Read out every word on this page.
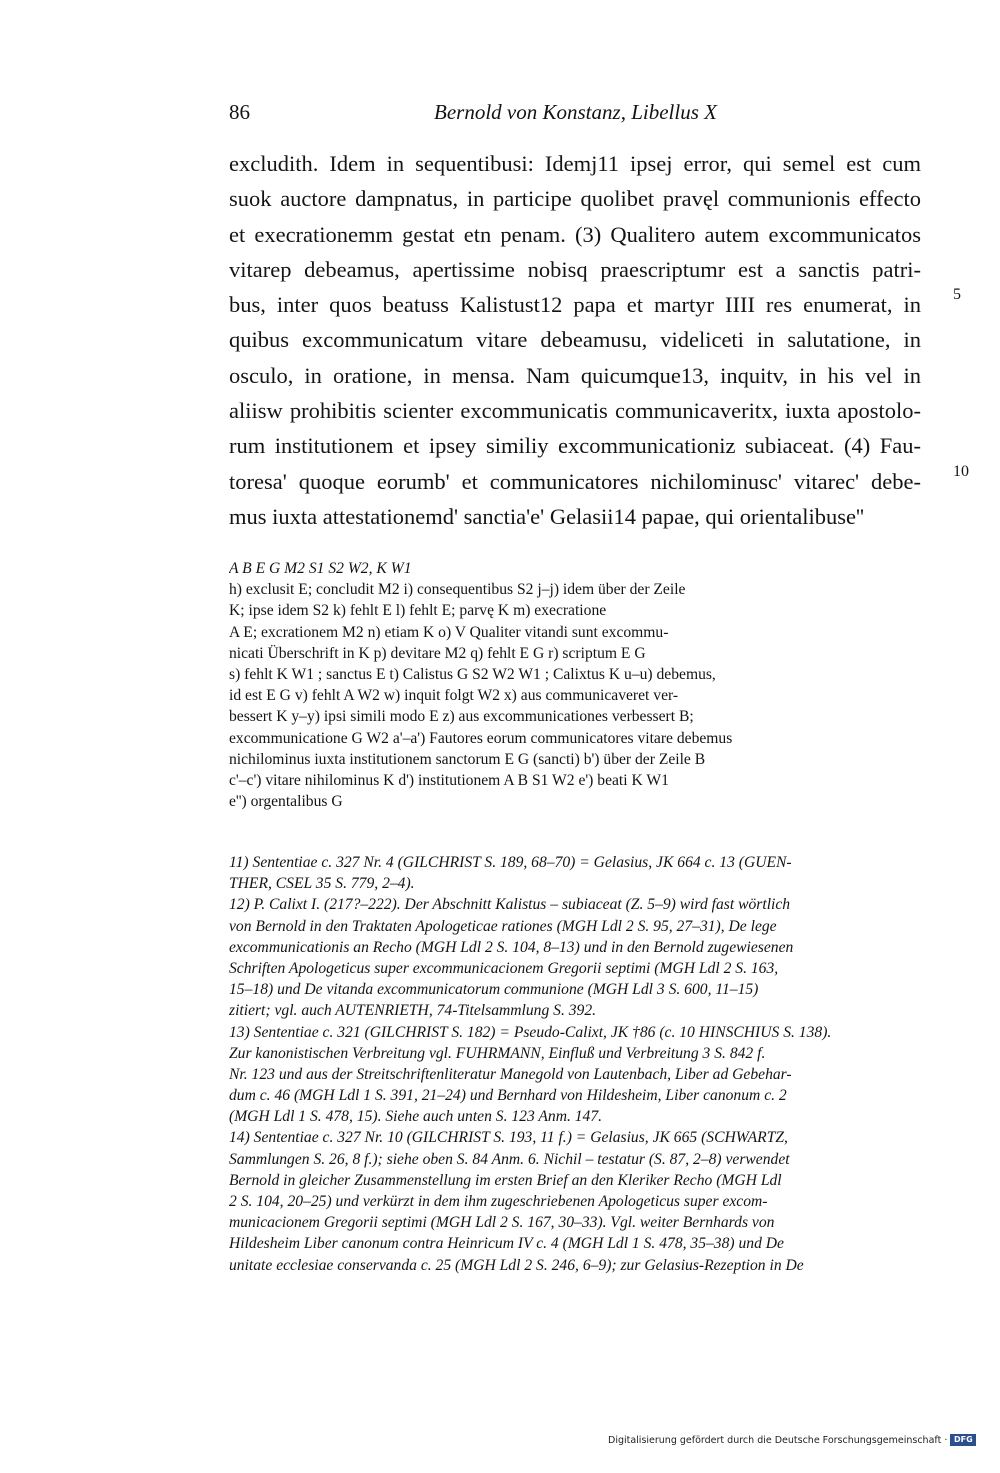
86	Bernold von Konstanz, Libellus X
excludith. Idem in sequentibusi: Idemj11 ipsej error, qui semel est cum
suok auctore dampnatus, in participe quolibet pravęl communionis effecto
et execrationemm gestat etn penam. (3) Qualitero autem excommunicatos
vitarep debeamus, apertissime nobisq praescriptumr est a sanctis patri-
bus, inter quos beatuss Kalistust12 papa et martyr IIII res enumerat, in
quibus excommunicatum vitare debeamusu, videliceti in salutatione, in
osculo, in oratione, in mensa. Nam quicumque13, inquitv, in his vel in
aliisw prohibitis scienter excommunicatis communicaveritx, iuxta apostolo-
rum institutionem et ipsey similiy excommunicationiz subiaceat. (4) Fau-
toresa' quoque eorumb' et communicatores nichilominusc' vitarec' debe-
mus iuxta attestationemd' sanctia'e' Gelasii14 papae, qui orientalibuse''
5
10
A B E G M2 S1 S2 W2, K W1
h) exclusit E; concludit M2 i) consequentibus S2 j–j) idem über der Zeile
K; ipse idem S2 k) fehlt E l) fehlt E; parvę K m) execratione
A E; excrationem M2 n) etiam K o) V Qualiter vitandi sunt excommu-
nicati Überschrift in K p) devitare M2 q) fehlt E G r) scriptum E G
s) fehlt K W1 ; sanctus E t) Calistus G S2 W2 W1 ; Calixtus K u–u) debemus,
id est E G v) fehlt A W2 w) inquit folgt W2 x) aus communicaveret ver-
bessert K y–y) ipsi simili modo E z) aus excommunicationes verbessert B;
excommunicatione G W2 a'–a') Fautores eorum communicatores vitare debemus
nichilominus iuxta institutionem sanctorum E G (sancti) b') über der Zeile B
c'–c') vitare nihilominus K d') institutionem A B S1 W2 e') beati K W1
e'') orgentalibus G
11) Sententiae c. 327 Nr. 4 (GILCHRIST S. 189, 68–70) = Gelasius, JK 664 c. 13 (GUEN-
THER, CSEL 35 S. 779, 2–4).
12) P. Calixt I. (217?–222). Der Abschnitt Kalistus – subiaceat (Z. 5–9) wird fast wörtlich
von Bernold in den Traktaten Apologeticae rationes (MGH Ldl 2 S. 95, 27–31), De lege
excommunicationis an Recho (MGH Ldl 2 S. 104, 8–13) und in den Bernold zugewiesenen
Schriften Apologeticus super excommunicacionem Gregorii septimi (MGH Ldl 2 S. 163,
15–18) und De vitanda excommunicatorum communione (MGH Ldl 3 S. 600, 11–15)
zitiert; vgl. auch AUTENRIETH, 74-Titelsammlung S. 392.
13) Sententiae c. 321 (GILCHRIST S. 182) = Pseudo-Calixt, JK †86 (c. 10 HINSCHIUS S. 138).
Zur kanonistischen Verbreitung vgl. FUHRMANN, Einfluß und Verbreitung 3 S. 842 f.
Nr. 123 und aus der Streitschriftenliteratur Manegold von Lautenbach, Liber ad Gebehar-
dum c. 46 (MGH Ldl 1 S. 391, 21–24) und Bernhard von Hildesheim, Liber canonum c. 2
(MGH Ldl 1 S. 478, 15). Siehe auch unten S. 123 Anm. 147.
14) Sententiae c. 327 Nr. 10 (GILCHRIST S. 193, 11 f.) = Gelasius, JK 665 (SCHWARTZ,
Sammlungen S. 26, 8 f.); siehe oben S. 84 Anm. 6. Nichil – testatur (S. 87, 2–8) verwendet
Bernold in gleicher Zusammenstellung im ersten Brief an den Kleriker Recho (MGH Ldl
2 S. 104, 20–25) und verkürzt in dem ihm zugeschriebenen Apologeticus super excom-
municacionem Gregorii septimi (MGH Ldl 2 S. 167, 30–33). Vgl. weiter Bernhards von
Hildesheim Liber canonum contra Heinricum IV c. 4 (MGH Ldl 1 S. 478, 35–38) und De
unitate ecclesiae conservanda c. 25 (MGH Ldl 2 S. 246, 6–9); zur Gelasius-Rezeption in De
Digitalisierung gefördert durch die Deutsche Forschungsgemeinschaft · DFG
